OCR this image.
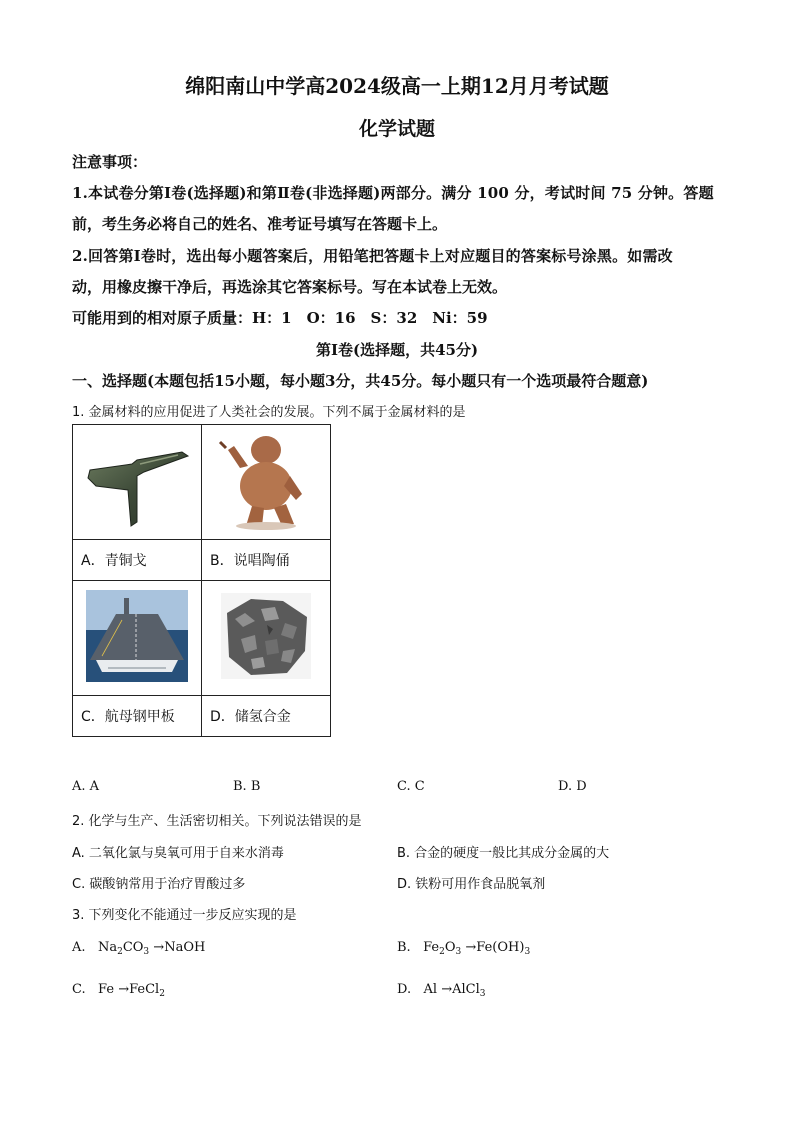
绵阳南山中学高2024级高一上期12月月考试题
化学试题
注意事项：
1.本试卷分第Ⅰ卷(选择题)和第Ⅱ卷(非选择题)两部分。满分 100 分，考试时间 75 分钟。答题
前，考生务必将自己的姓名、准考证号填写在答题卡上。
2.回答第Ⅰ卷时，选出每小题答案后，用铅笔把答题卡上对应题目的答案标号涂黑。如需改
动，用橡皮擦干净后，再选涂其它答案标号。写在本试卷上无效。
可能用到的相对原子质量：H：1　O：16　S：32　Ni：59
第Ⅰ卷(选择题，共45分)
一、选择题(本题包括15小题，每小题3分，共45分。每小题只有一个选项最符合题意)
1. 金属材料的应用促进了人类社会的发展。下列不属于金属材料的是

A．青铜戈	B．说唱陶俑

C．航母钢甲板	D．储氢合金
A. A	B. B	C. C	D. D
2. 化学与生产、生活密切相关。下列说法错误的是
A. 二氧化氯与臭氧可用于自来水消毒	B. 合金的硬度一般比其成分金属的大
C. 碳酸钠常用于治疗胃酸过多	D. 铁粉可用作食品脱氧剂
3. 下列变化不能通过一步反应实现的是
A. $Na_2CO_3$ →NaOH	B. $Fe_2O_3 \to Fe(OH)_3$
C. Fe →FeCl$_2$	D. Al →AlCl$_3$
